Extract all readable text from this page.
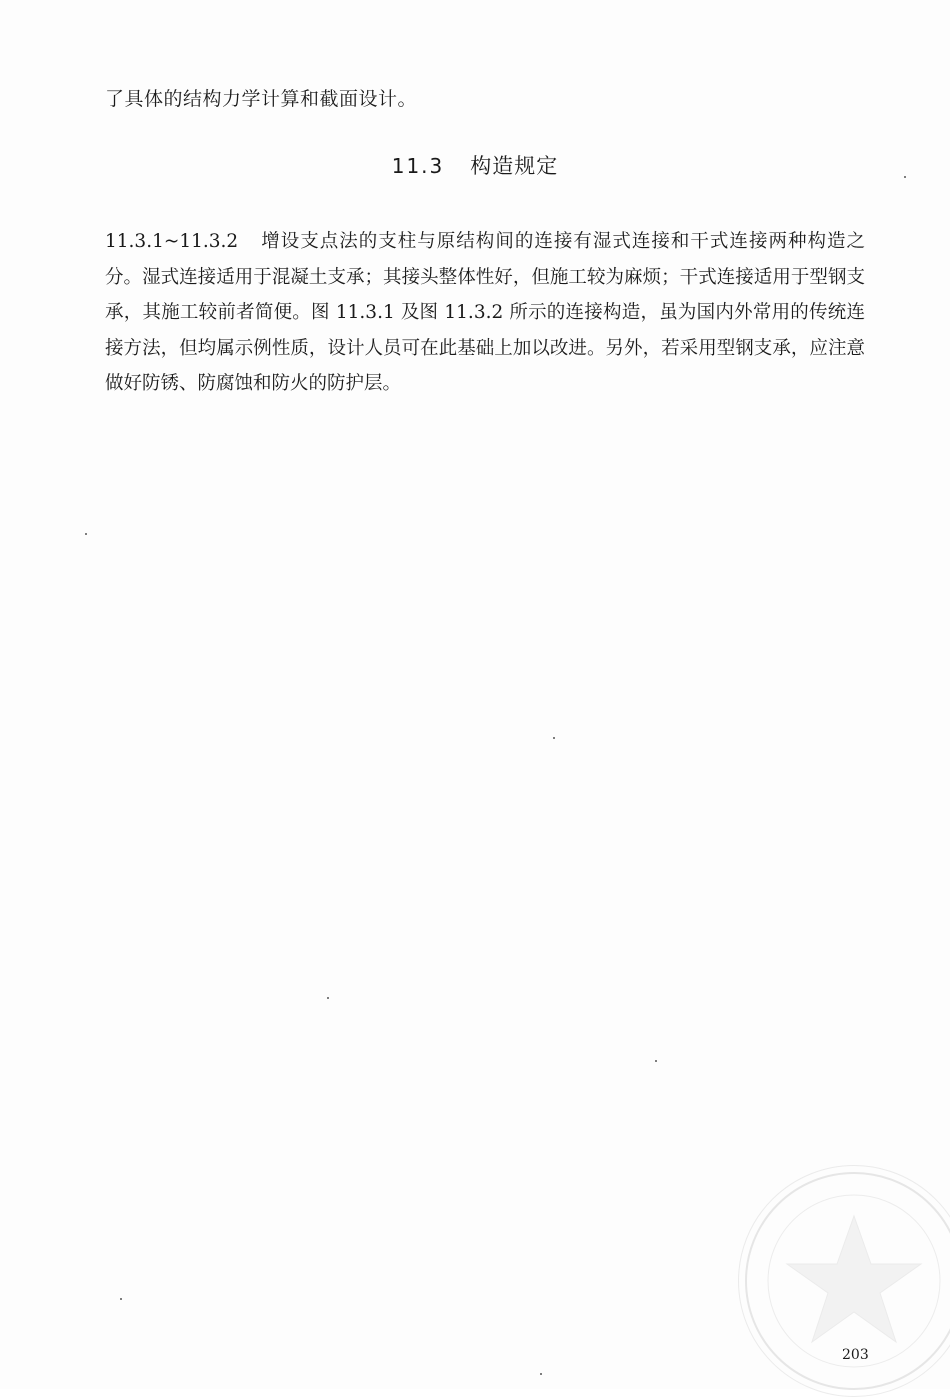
了具体的结构力学计算和截面设计。
11.3 构造规定
11.3.1~11.3.2 增设支点法的支柱与原结构间的连接有湿式连接和干式连接两种构造之分。湿式连接适用于混凝土支承；其接头整体性好，但施工较为麻烦；干式连接适用于型钢支承，其施工较前者简便。图 11.3.1 及图 11.3.2 所示的连接构造，虽为国内外常用的传统连接方法，但均属示例性质，设计人员可在此基础上加以改进。另外，若采用型钢支承，应注意做好防锈、防腐蚀和防火的防护层。
203
